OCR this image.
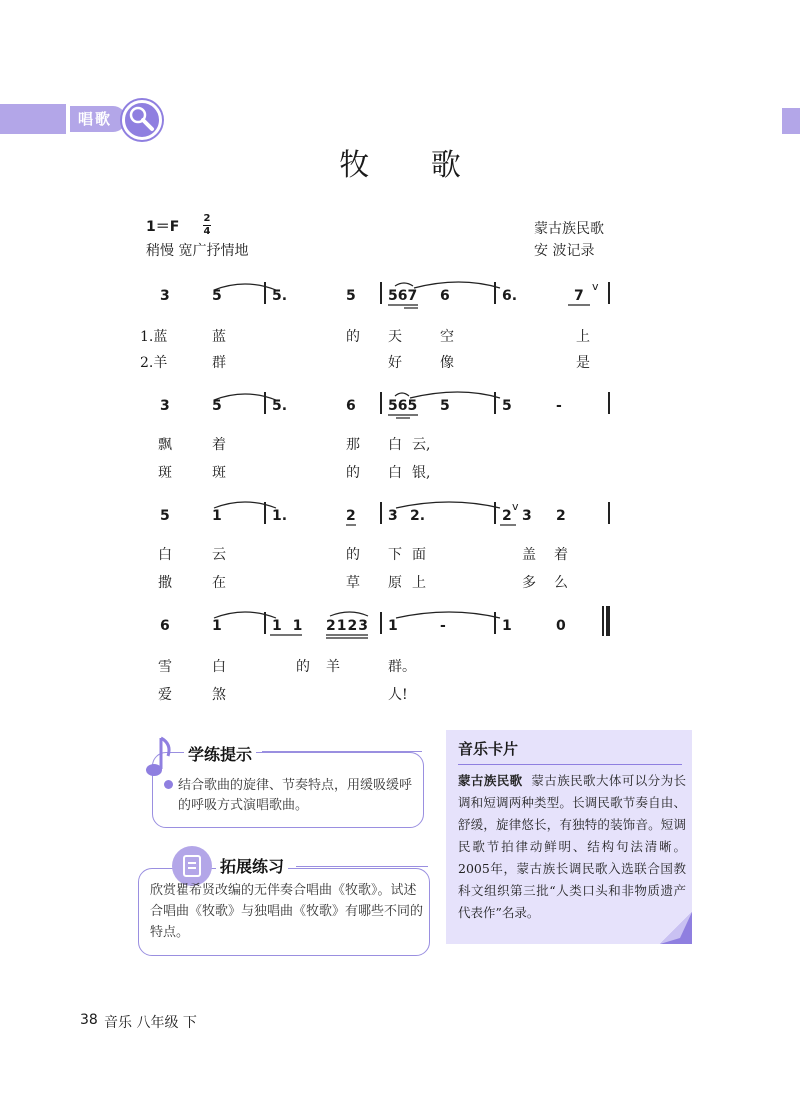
唱歌
牧 歌
1＝F
2
4
稍慢 宽广抒情地
蒙古族民歌
安 波记录
3	5	5.	5 567 6	6.	7
v
1.蓝	蓝	的 天	空	上
2.羊	群	好	像	是
3	5	5.	6 565 5	5	-
飘	着	那 白 云,
斑	斑	的 白 银,
5	1	1.	2 3 2.	2
v
3 2
白	云	的 下 面	盖 着
撒	在	草 原 上	多 么
6	1	1 1 2123 1	-	1	0
雪	白	的 羊	群。
爱	煞	人!
学练提示
结合歌曲的旋律、节奏特点，用缓吸缓呼的呼吸方式演唱歌曲。
拓展练习
欣赏瞿希贤改编的无伴奏合唱曲《牧歌》。试述合唱曲《牧歌》与独唱曲《牧歌》有哪些不同的特点。
音乐卡片
蒙古族民歌 蒙古族民歌大体可以分为长调和短调两种类型。长调民歌节奏自由、舒缓，旋律悠长，有独特的装饰音。短调民歌节拍律动鲜明、结构句法清晰。2005年，蒙古族长调民歌入选联合国教科文组织第三批“人类口头和非物质遗产代表作”名录。
38 音乐 八年级 下
